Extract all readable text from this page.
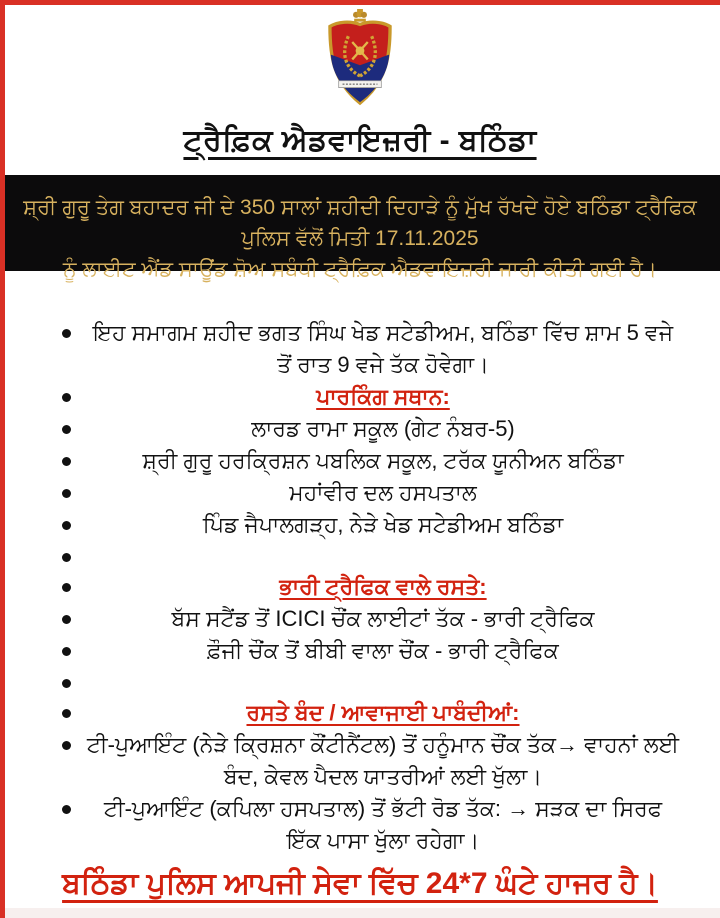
ਟ੍ਰੈਫ਼ਿਕ ਐਡਵਾਇਜ਼ਰੀ - ਬਠਿੰਡਾ
ਸ਼੍ਰੀ ਗੁਰੂ ਤੇਗ ਬਹਾਦਰ ਜੀ ਦੇ 350 ਸਾਲਾਂ ਸ਼ਹੀਦੀ ਦਿਹਾੜੇ ਨੂੰ ਮੁੱਖ ਰੱਖਦੇ ਹੋਏ ਬਠਿੰਡਾ ਟ੍ਰੈਫਿਕ ਪੁਲਿਸ ਵੱਲੋਂ ਮਿਤੀ 17.11.2025
ਨੂੰ ਲਾਈਟ ਐਂਡ ਸਾਊਂਡ ਸ਼ੋਅ ਸਬੰਧੀ ਟ੍ਰੈਫ਼ਿਕ ਐਡਵਾਇਜ਼ਰੀ ਜਾਰੀ ਕੀਤੀ ਗਈ ਹੈ।
ਇਹ ਸਮਾਗਮ ਸ਼ਹੀਦ ਭਗਤ ਸਿੰਘ ਖੇਡ ਸਟੇਡੀਅਮ, ਬਠਿੰਡਾ ਵਿੱਚ ਸ਼ਾਮ 5 ਵਜੇ ਤੋਂ ਰਾਤ 9 ਵਜੇ ਤੱਕ ਹੋਵੇਗਾ।
ਪਾਰਕਿੰਗ ਸਥਾਨ:
ਲਾਰਡ ਰਾਮਾ ਸਕੂਲ (ਗੇਟ ਨੰਬਰ-5)
ਸ਼੍ਰੀ ਗੁਰੂ ਹਰਕ੍ਰਿਸ਼ਨ ਪਬਲਿਕ ਸਕੂਲ, ਟਰੱਕ ਯੂਨੀਅਨ ਬਠਿੰਡਾ
ਮਹਾਂਵੀਰ ਦਲ ਹਸਪਤਾਲ
ਪਿੰਡ ਜੈਪਾਲਗੜ੍ਹ, ਨੇੜੇ ਖੇਡ ਸਟੇਡੀਅਮ ਬਠਿੰਡਾ
ਭਾਰੀ ਟ੍ਰੈਫਿਕ ਵਾਲੇ ਰਸਤੇ:
ਬੱਸ ਸਟੈਂਡ ਤੋਂ ICICI ਚੌਂਕ ਲਾਈਟਾਂ ਤੱਕ - ਭਾਰੀ ਟ੍ਰੈਫਿਕ
ਫ਼ੌਜੀ ਚੌਂਕ ਤੋਂ ਬੀਬੀ ਵਾਲਾ ਚੌਂਕ - ਭਾਰੀ ਟ੍ਰੈਫਿਕ
ਰਸਤੇ ਬੰਦ / ਆਵਾਜਾਈ ਪਾਬੰਦੀਆਂ:
ਟੀ-ਪੁਆਇੰਟ (ਨੇੜੇ ਕ੍ਰਿਸ਼ਨਾ ਕੌਂਟੀਨੈਂਟਲ) ਤੋਂ ਹਨੂੰਮਾਨ ਚੌਂਕ ਤੱਕ→ ਵਾਹਨਾਂ ਲਈ ਬੰਦ, ਕੇਵਲ ਪੈਦਲ ਯਾਤਰੀਆਂ ਲਈ ਖੁੱਲਾ।
ਟੀ-ਪੁਆਇੰਟ (ਕਪਿਲਾ ਹਸਪਤਾਲ) ਤੋਂ ਭੱਟੀ ਰੋਡ ਤੱਕ: → ਸੜਕ ਦਾ ਸਿਰਫ ਇੱਕ ਪਾਸਾ ਖੁੱਲਾ ਰਹੇਗਾ।
ਬਠਿੰਡਾ ਪੁਲਿਸ ਆਪਜੀ ਸੇਵਾ ਵਿੱਚ 24*7 ਘੰਟੇ ਹਾਜਰ ਹੈ।
